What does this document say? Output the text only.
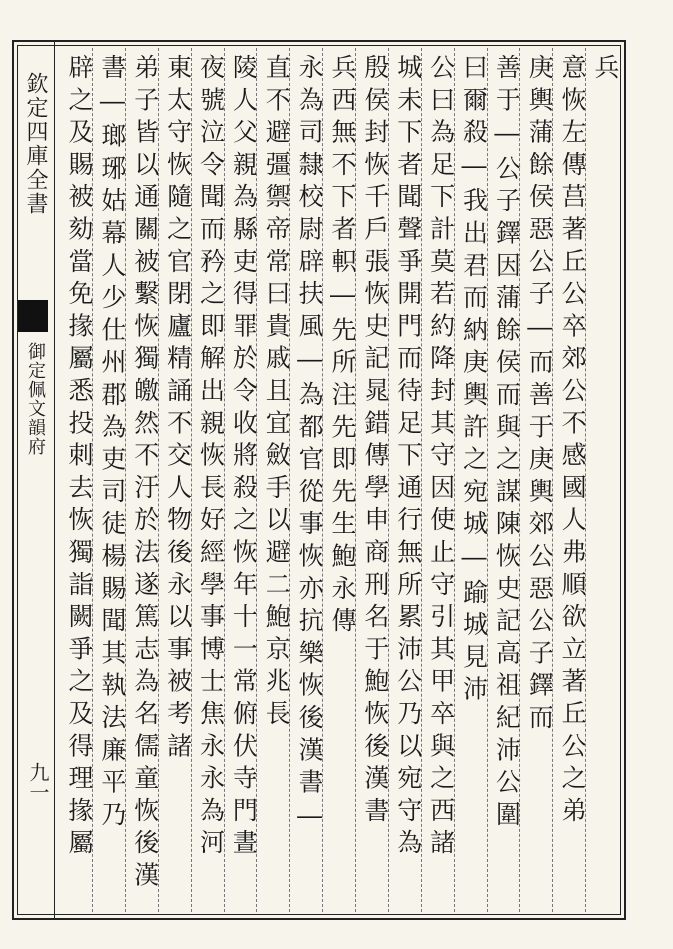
欽定四庫全書
御定佩文韻府
九一
兵
意恢左傳莒著丘公卒郊公不感國人弗順欲立著丘公之弟
庚輿蒲餘侯惡公子―而善于庚輿郊公惡公子鐸而
善于―公子鐸因蒲餘侯而與之謀陳恢史記高祖紀沛公圍
曰爾殺―我出君而納庚輿許之宛城―踰城見沛
公曰為足下計莫若約降封其守因使止守引其甲卒與之西諸
城未下者聞聲爭開門而待足下通行無所累沛公乃以宛守為
殷侯封恢千戶張恢史記晁錯傳學申商刑名于鮑恢後漢書
兵西無不下者軹―先所注先即先生鮑永傳
永為司隸校尉辟扶風―為都官從事恢亦抗樂恢後漢書―
直不避彊禦帝常曰貴戚且宜斂手以避二鮑京兆長
陵人父親為縣吏得罪於令收將殺之恢年十一常俯伏寺門晝
夜號泣令聞而矜之即解出親恢長好經學事博士焦永永為河
東太守恢隨之官閉廬精誦不交人物後永以事被考諸
弟子皆以通關被繫恢獨皦然不汙於法遂篤志為名儒童恢後漢
書―瑯琊姑幕人少仕州郡為吏司徒楊賜聞其執法廉平乃
辟之及賜被劾當免掾屬悉投刺去恢獨詣闕爭之及得理掾屬
